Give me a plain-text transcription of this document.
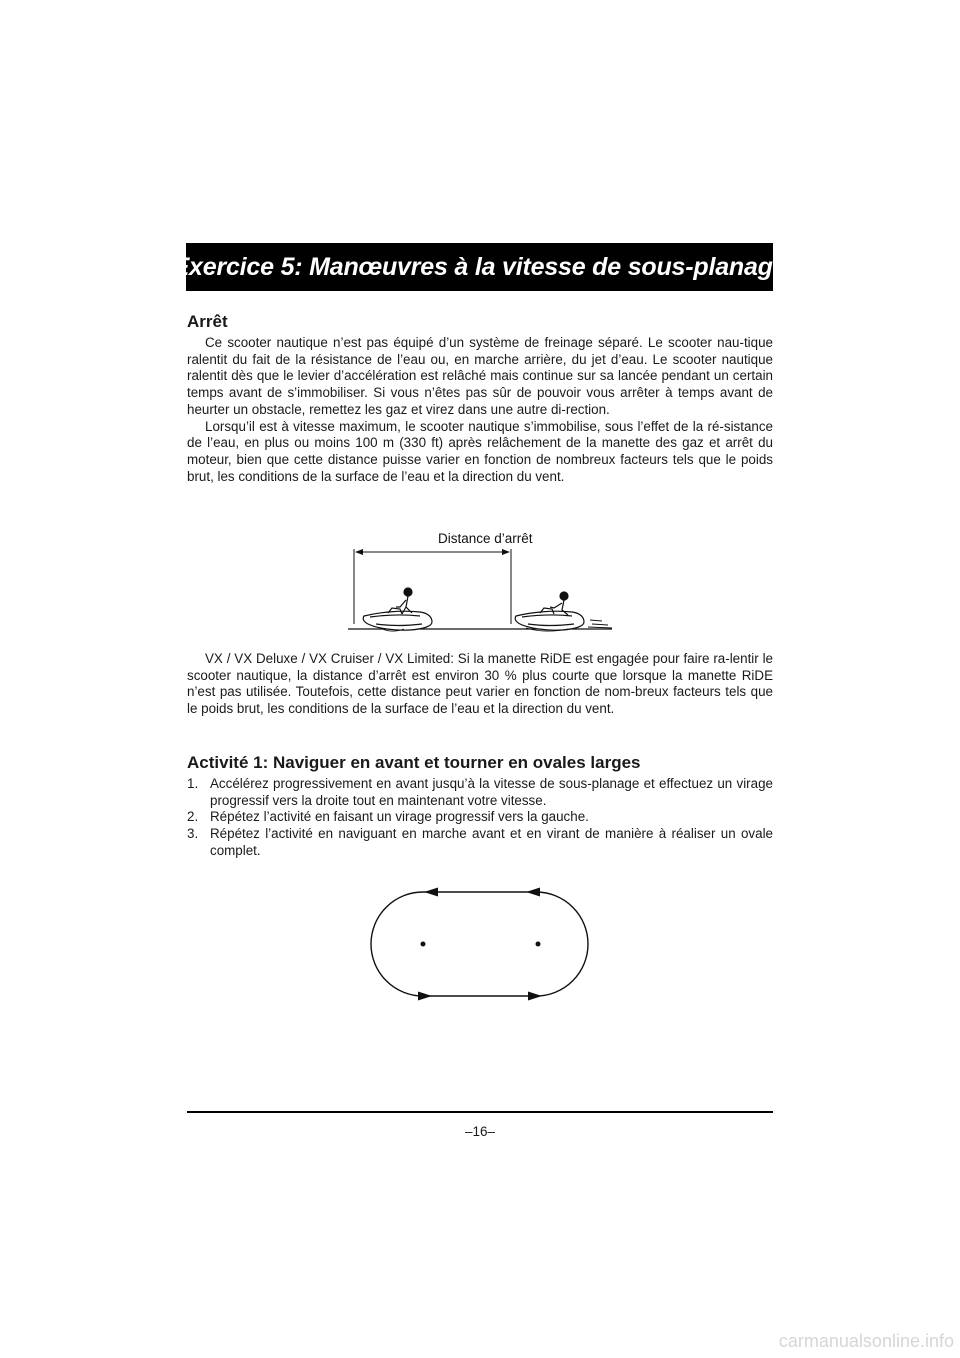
Exercice 5: Manœuvres à la vitesse de sous-planage
Arrêt

Ce scooter nautique n’est pas équipé d’un système de freinage séparé. Le scooter nau-tique ralentit du fait de la résistance de l’eau ou, en marche arrière, du jet d’eau. Le scooter nautique ralentit dès que le levier d’accélération est relâché mais continue sur sa lancée pendant un certain temps avant de s’immobiliser. Si vous n’êtes pas sûr de pouvoir vous arrêter à temps avant de heurter un obstacle, remettez les gaz et virez dans une autre di-rection.

Lorsqu’il est à vitesse maximum, le scooter nautique s’immobilise, sous l’effet de la ré-sistance de l’eau, en plus ou moins 100 m (330 ft) après relâchement de la manette des gaz et arrêt du moteur, bien que cette distance puisse varier en fonction de nombreux facteurs tels que le poids brut, les conditions de la surface de l’eau et la direction du vent.

Distance d’arrêt

VX / VX Deluxe / VX Cruiser / VX Limited: Si la manette RiDE est engagée pour faire ra-lentir le scooter nautique, la distance d’arrêt est environ 30 % plus courte que lorsque la manette RiDE n’est pas utilisée. Toutefois, cette distance peut varier en fonction de nom-breux facteurs tels que le poids brut, les conditions de la surface de l’eau et la direction du vent.

Activité 1: Naviguer en avant et tourner en ovales larges
1. Accélérez progressivement en avant jusqu’à la vitesse de sous-planage et effectuez un virage progressif vers la droite tout en maintenant votre vitesse.
2. Répétez l’activité en faisant un virage progressif vers la gauche.
3. Répétez l’activité en naviguant en marche avant et en virant de manière à réaliser un ovale complet.
–16–
carmanualsonline.info
